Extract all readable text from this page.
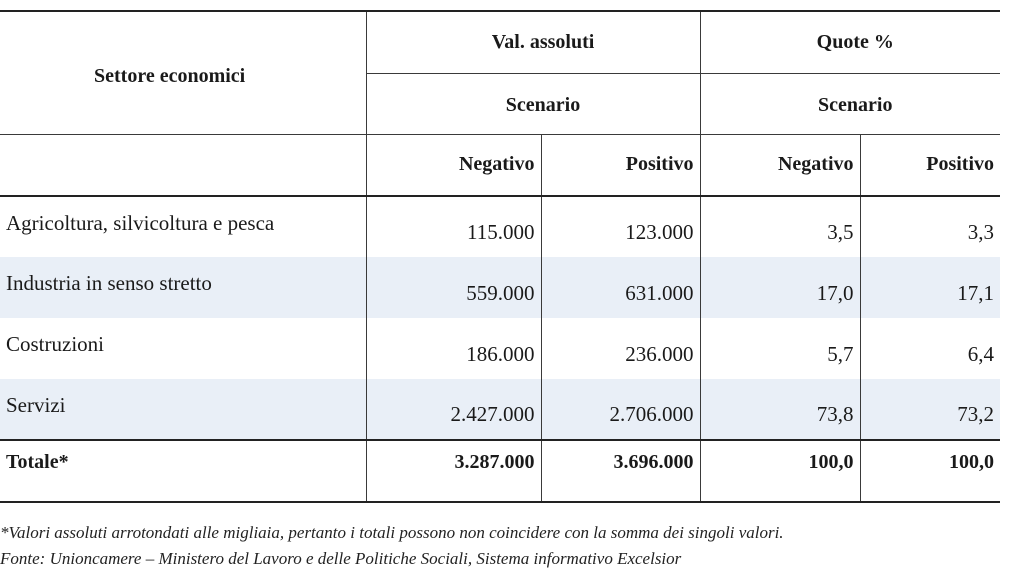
Settore economici	Val. assoluti		Quote %	
	Scenario		Scenario	
	Negativo	Positivo	Negativo	Positivo
Agricoltura, silvicoltura e pesca	115.000	123.000	3,5	3,3
Industria in senso stretto	559.000	631.000	17,0	17,1
Costruzioni	186.000	236.000	5,7	6,4
Servizi	2.427.000	2.706.000	73,8	73,2
Totale*	3.287.000	3.696.000	100,0	100,0
*Valori assoluti arrotondati alle migliaia, pertanto i totali possono non coincidere con la somma dei singoli valori.
Fonte: Unioncamere – Ministero del Lavoro e delle Politiche Sociali, Sistema informativo Excelsior
